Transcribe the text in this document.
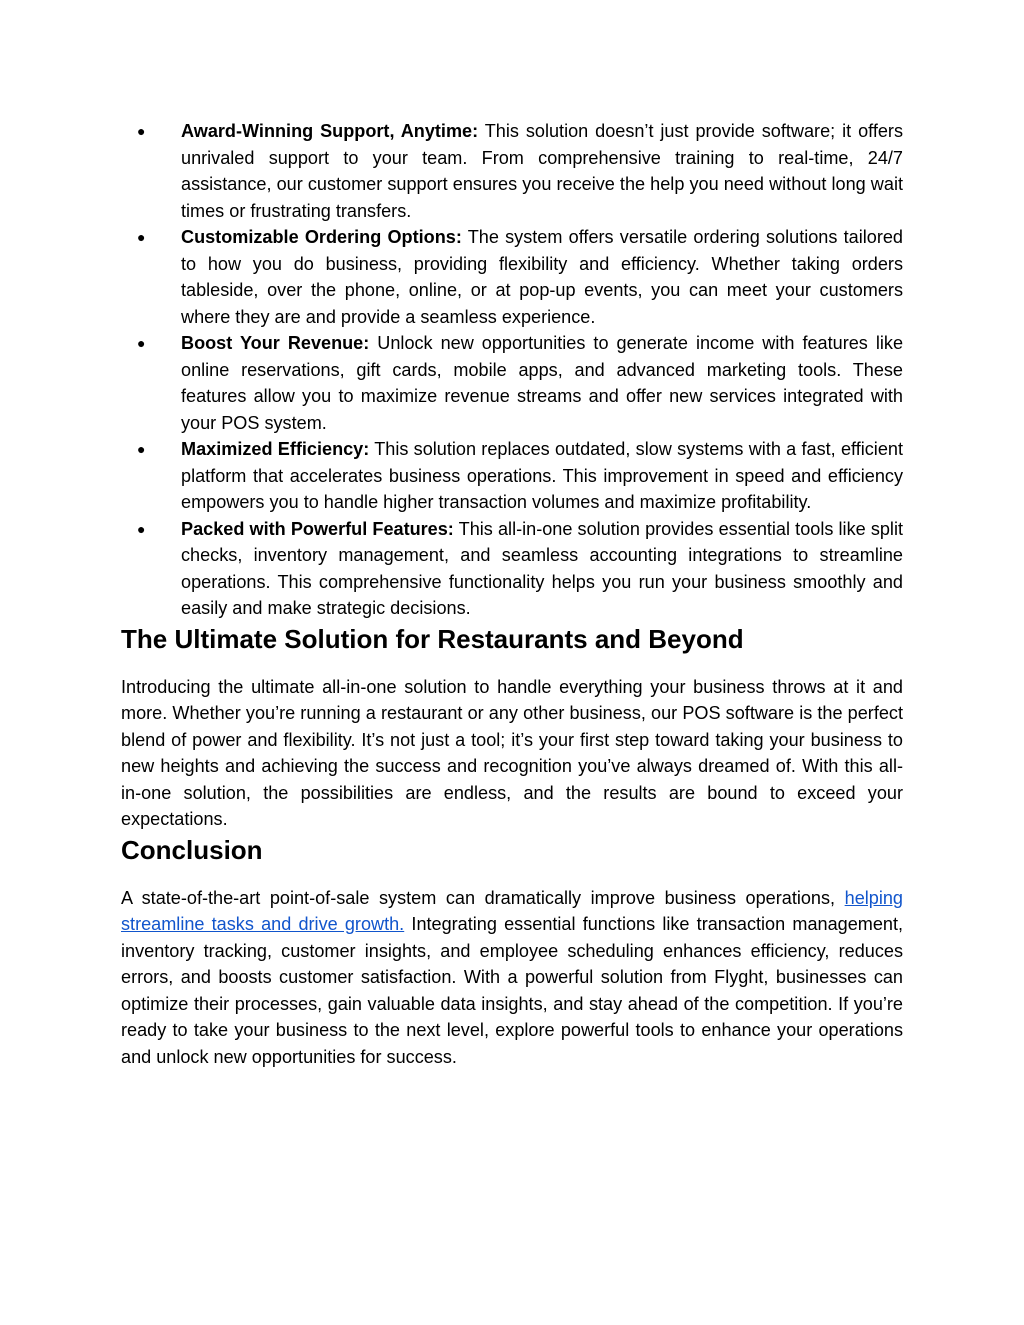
● Award-Winning Support, Anytime: This solution doesn’t just provide software; it offers unrivaled support to your team. From comprehensive training to real-time, 24/7 assistance, our customer support ensures you receive the help you need without long wait times or frustrating transfers.
● Customizable Ordering Options: The system offers versatile ordering solutions tailored to how you do business, providing flexibility and efficiency. Whether taking orders tableside, over the phone, online, or at pop-up events, you can meet your customers where they are and provide a seamless experience.
● Boost Your Revenue: Unlock new opportunities to generate income with features like online reservations, gift cards, mobile apps, and advanced marketing tools. These features allow you to maximize revenue streams and offer new services integrated with your POS system.
● Maximized Efficiency: This solution replaces outdated, slow systems with a fast, efficient platform that accelerates business operations. This improvement in speed and efficiency empowers you to handle higher transaction volumes and maximize profitability.
● Packed with Powerful Features: This all-in-one solution provides essential tools like split checks, inventory management, and seamless accounting integrations to streamline operations. This comprehensive functionality helps you run your business smoothly and easily and make strategic decisions.
The Ultimate Solution for Restaurants and Beyond

Introducing the ultimate all-in-one solution to handle everything your business throws at it and more. Whether you’re running a restaurant or any other business, our POS software is the perfect blend of power and flexibility. It’s not just a tool; it’s your first step toward taking your business to new heights and achieving the success and recognition you’ve always dreamed of. With this all-in-one solution, the possibilities are endless, and the results are bound to exceed your expectations.

Conclusion

A state-of-the-art point-of-sale system can dramatically improve business operations, helping streamline tasks and drive growth. Integrating essential functions like transaction management, inventory tracking, customer insights, and employee scheduling enhances efficiency, reduces errors, and boosts customer satisfaction. With a powerful solution from Flyght, businesses can optimize their processes, gain valuable data insights, and stay ahead of the competition. If you’re ready to take your business to the next level, explore powerful tools to enhance your operations and unlock new opportunities for success.
